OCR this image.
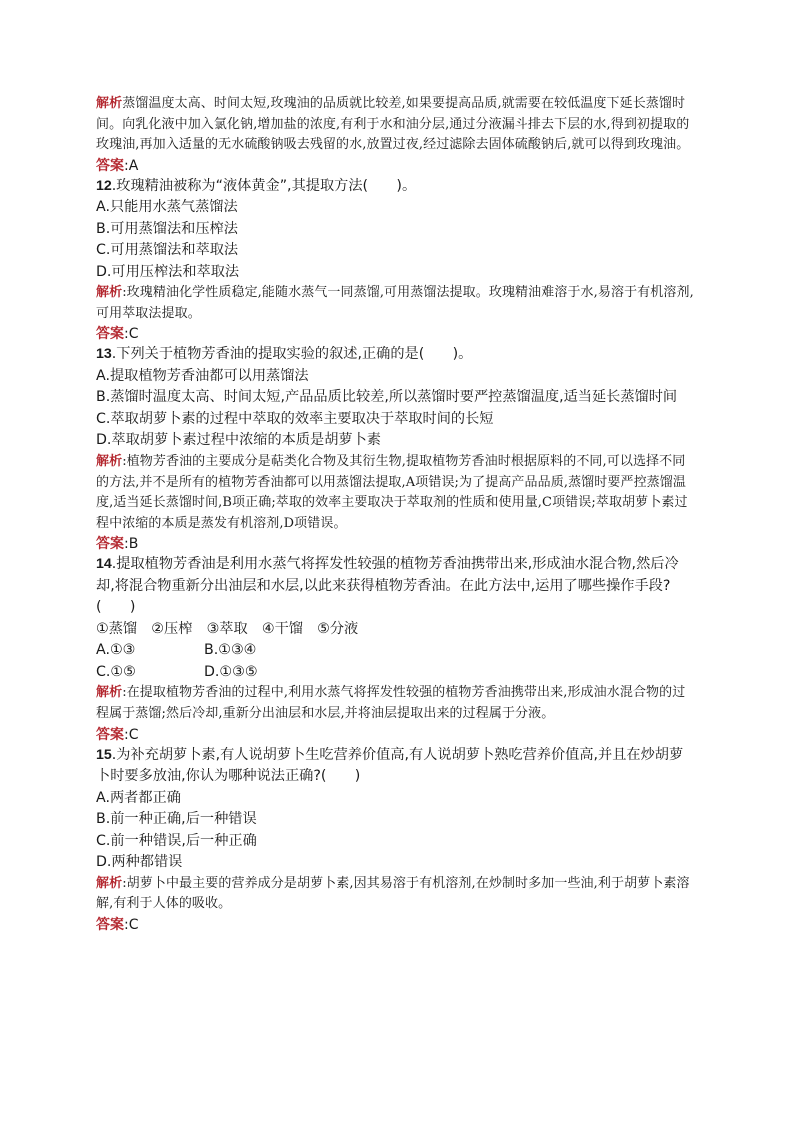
解析蒸馏温度太高、时间太短,玫瑰油的品质就比较差,如果要提高品质,就需要在较低温度下延长蒸馏时间。向乳化液中加入氯化钠,增加盐的浓度,有利于水和油分层,通过分液漏斗排去下层的水,得到初提取的玫瑰油,再加入适量的无水硫酸钠吸去残留的水,放置过夜,经过滤除去固体硫酸钠后,就可以得到玫瑰油。

答案:A

12.玫瑰精油被称为“液体黄金”,其提取方法(　　)。

A.只能用水蒸气蒸馏法

B.可用蒸馏法和压榨法

C.可用蒸馏法和萃取法

D.可用压榨法和萃取法

解析:玫瑰精油化学性质稳定,能随水蒸气一同蒸馏,可用蒸馏法提取。玫瑰精油难溶于水,易溶于有机溶剂,可用萃取法提取。

答案:C

13.下列关于植物芳香油的提取实验的叙述,正确的是(　　)。

A.提取植物芳香油都可以用蒸馏法

B.蒸馏时温度太高、时间太短,产品品质比较差,所以蒸馏时要严控蒸馏温度,适当延长蒸馏时间

C.萃取胡萝卜素的过程中萃取的效率主要取决于萃取时间的长短

D.萃取胡萝卜素过程中浓缩的本质是胡萝卜素

解析:植物芳香油的主要成分是萜类化合物及其衍生物,提取植物芳香油时根据原料的不同,可以选择不同的方法,并不是所有的植物芳香油都可以用蒸馏法提取,A项错误;为了提高产品品质,蒸馏时要严控蒸馏温度,适当延长蒸馏时间,B项正确;萃取的效率主要取决于萃取剂的性质和使用量,C项错误;萃取胡萝卜素过程中浓缩的本质是蒸发有机溶剂,D项错误。

答案:B

14.提取植物芳香油是利用水蒸气将挥发性较强的植物芳香油携带出来,形成油水混合物,然后冷却,将混合物重新分出油层和水层,以此来获得植物芳香油。在此方法中,运用了哪些操作手段?(　　)

①蒸馏　②压榨　③萃取　④干馏　⑤分液

A.①③	B.①③④
C.①⑤	D.①③⑤

解析:在提取植物芳香油的过程中,利用水蒸气将挥发性较强的植物芳香油携带出来,形成油水混合物的过程属于蒸馏;然后冷却,重新分出油层和水层,并将油层提取出来的过程属于分液。

答案:C

15.为补充胡萝卜素,有人说胡萝卜生吃营养价值高,有人说胡萝卜熟吃营养价值高,并且在炒胡萝卜时要多放油,你认为哪种说法正确?(　　)

A.两者都正确

B.前一种正确,后一种错误

C.前一种错误,后一种正确

D.两种都错误

解析:胡萝卜中最主要的营养成分是胡萝卜素,因其易溶于有机溶剂,在炒制时多加一些油,利于胡萝卜素溶解,有利于人体的吸收。

答案:C
